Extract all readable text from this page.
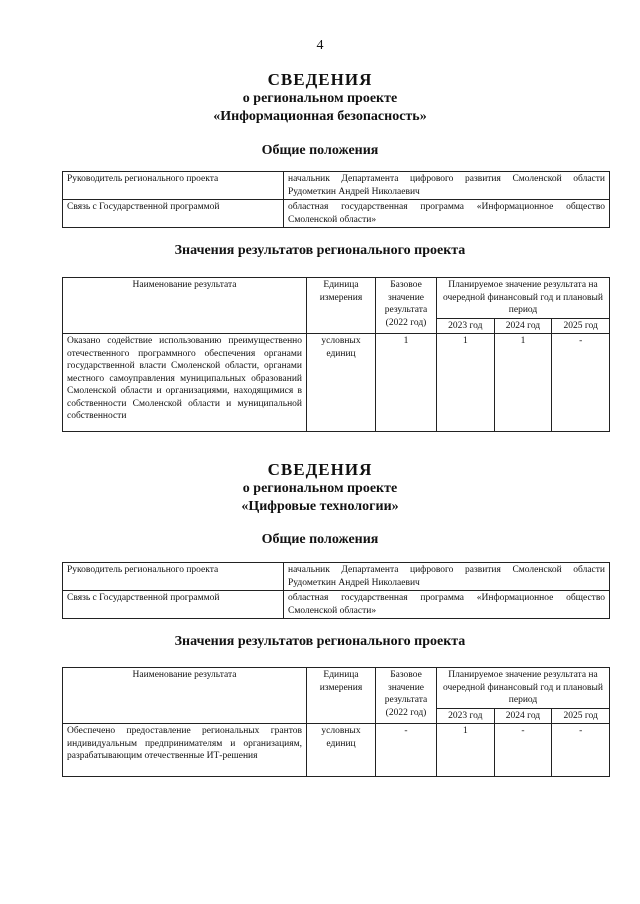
4
СВЕДЕНИЯ
о региональном проекте
«Информационная безопасность»
Общие положения
Руководитель регионального проекта	начальник Департамента цифрового развития Смоленской области Рудометкин Андрей Николаевич
Связь с Государственной программой	областная государственная программа «Информационное общество Смоленской области»
Значения результатов регионального проекта
Наименование результата	Единица измерения	Базовое значение результата (2022 год)	Планируемое значение результата на очередной финансовый год и плановый период		
			2023 год	2024 год	2025 год
Оказано содействие использованию преимущественно отечественного программного обеспечения органами государственной власти Смоленской области, органами местного самоуправления муниципальных образований Смоленской области и организациями, находящимися в собственности Смоленской области и муниципальной собственности	условных единиц	1	1	1	-
СВЕДЕНИЯ
о региональном проекте
«Цифровые технологии»
Общие положения
Руководитель регионального проекта	начальник Департамента цифрового развития Смоленской области Рудометкин Андрей Николаевич
Связь с Государственной программой	областная государственная программа «Информационное общество Смоленской области»
Значения результатов регионального проекта
Наименование результата	Единица измерения	Базовое значение результата (2022 год)	Планируемое значение результата на очередной финансовый год и плановый период		
			2023 год	2024 год	2025 год
Обеспечено предоставление региональных грантов индивидуальным предпринимателям и организациям, разрабатывающим отечественные ИТ-решения	условных единиц	-	1	-	-
